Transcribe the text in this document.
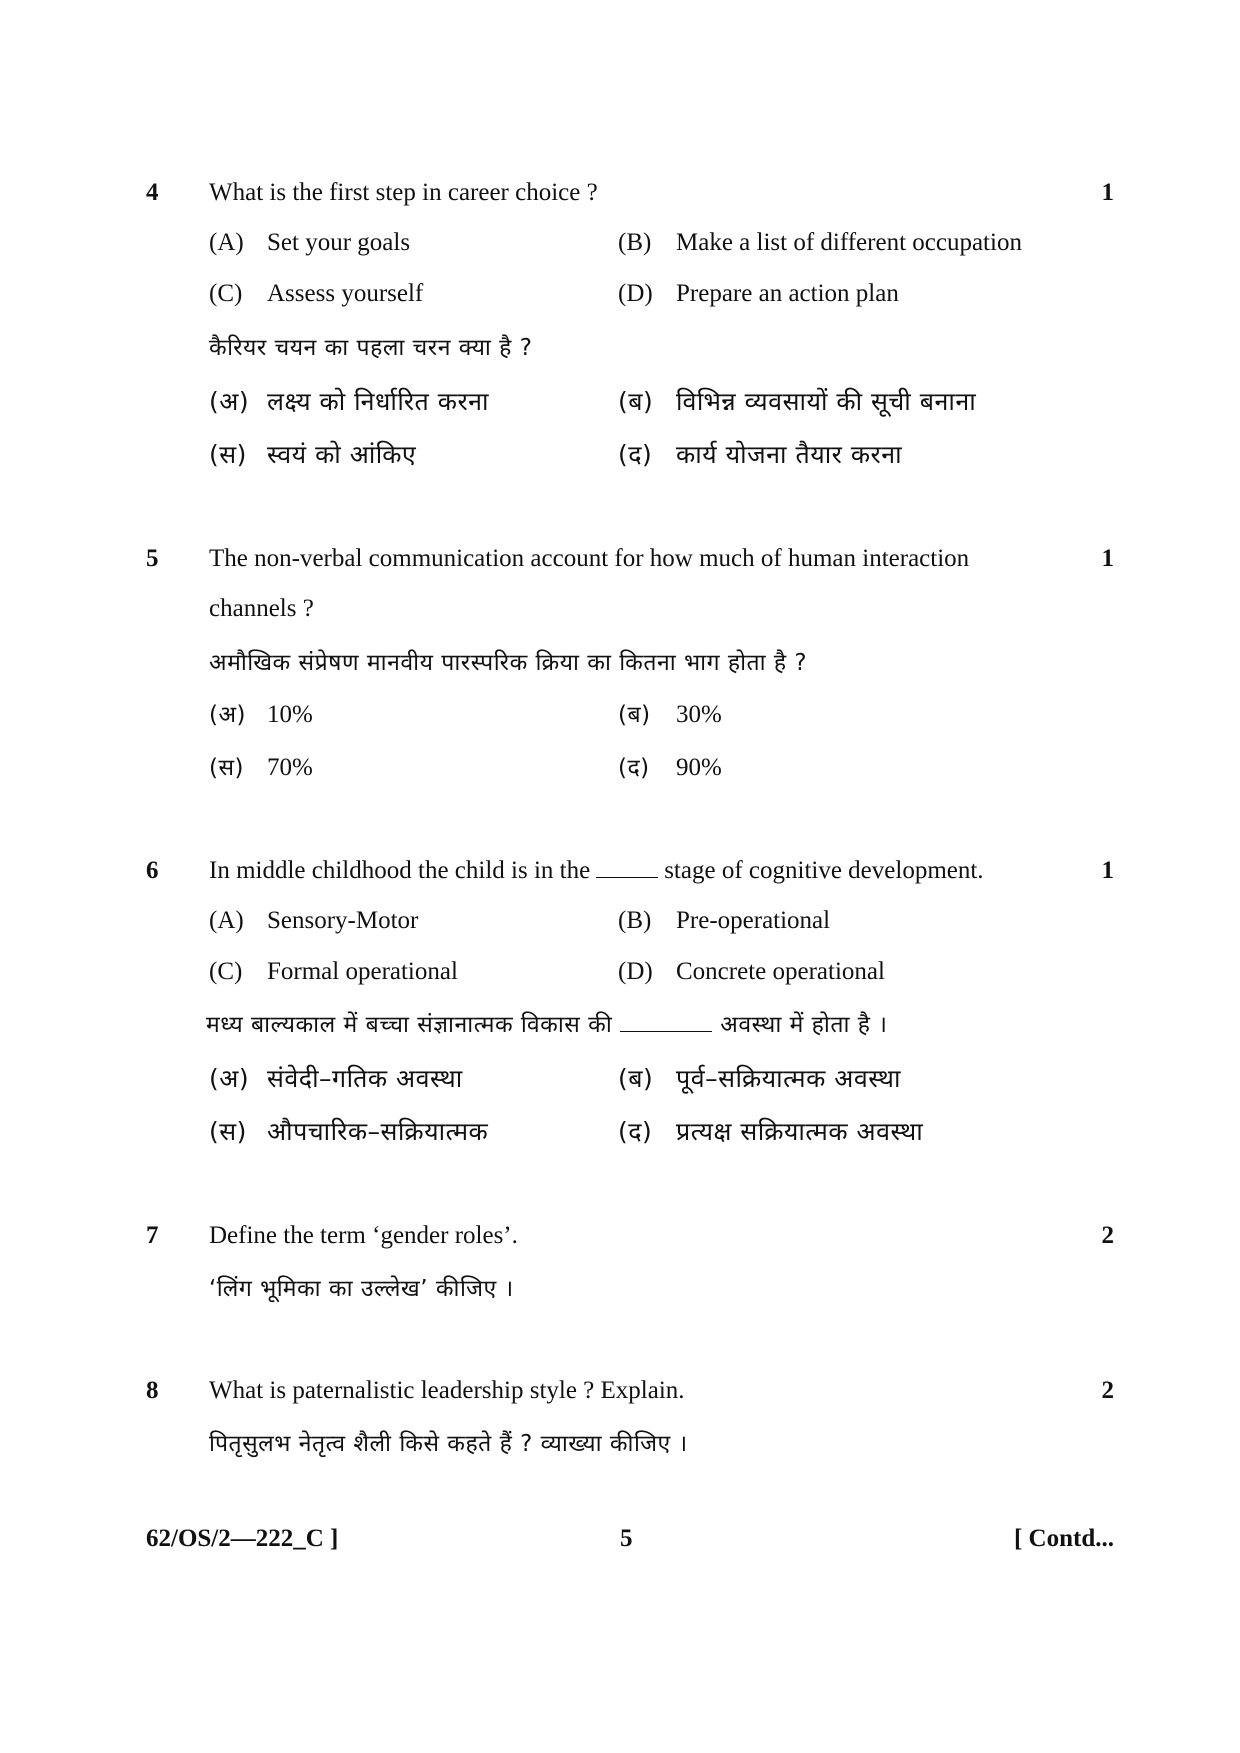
4	1
What is the first step in career choice ?
(A) Set your goals	(B) Make a list of different occupation
(C) Assess yourself	(D) Prepare an action plan
कैरियर चयन का पहला चरन क्या है ?
(अ) लक्ष्य को निर्धारित करना	(ब) विभिन्न व्यवसायों की सूची बनाना
(स) स्वयं को आंकिए	(द) कार्य योजना तैयार करना
5	1
The non-verbal communication account for how much of human interaction
channels ?
अमौखिक संप्रेषण मानवीय पारस्परिक क्रिया का कितना भाग होता है ?
(अ) 10%	(ब) 30%
(स) 70%	(द) 90%
6	1
In middle childhood the child is in the	stage of cognitive development.
(A) Sensory-Motor	(B) Pre-operational
(C) Formal operational	(D) Concrete operational
मध्य बाल्यकाल में बच्चा संज्ञानात्मक विकास की	अवस्था में होता है ।
(अ) संवेदी–गतिक अवस्था	(ब) पूर्व–सक्रियात्मक अवस्था
(स) औपचारिक–सक्रियात्मक	(द) प्रत्यक्ष सक्रियात्मक अवस्था
7	2
Define the term ‘gender roles’.
‘लिंग भूमिका का उल्लेख’ कीजिए ।
8	2
What is paternalistic leadership style ? Explain.
पितृसुलभ नेतृत्व शैली किसे कहते हैं ? व्याख्या कीजिए ।
62/OS/2—222_C ]	5	[ Contd...
